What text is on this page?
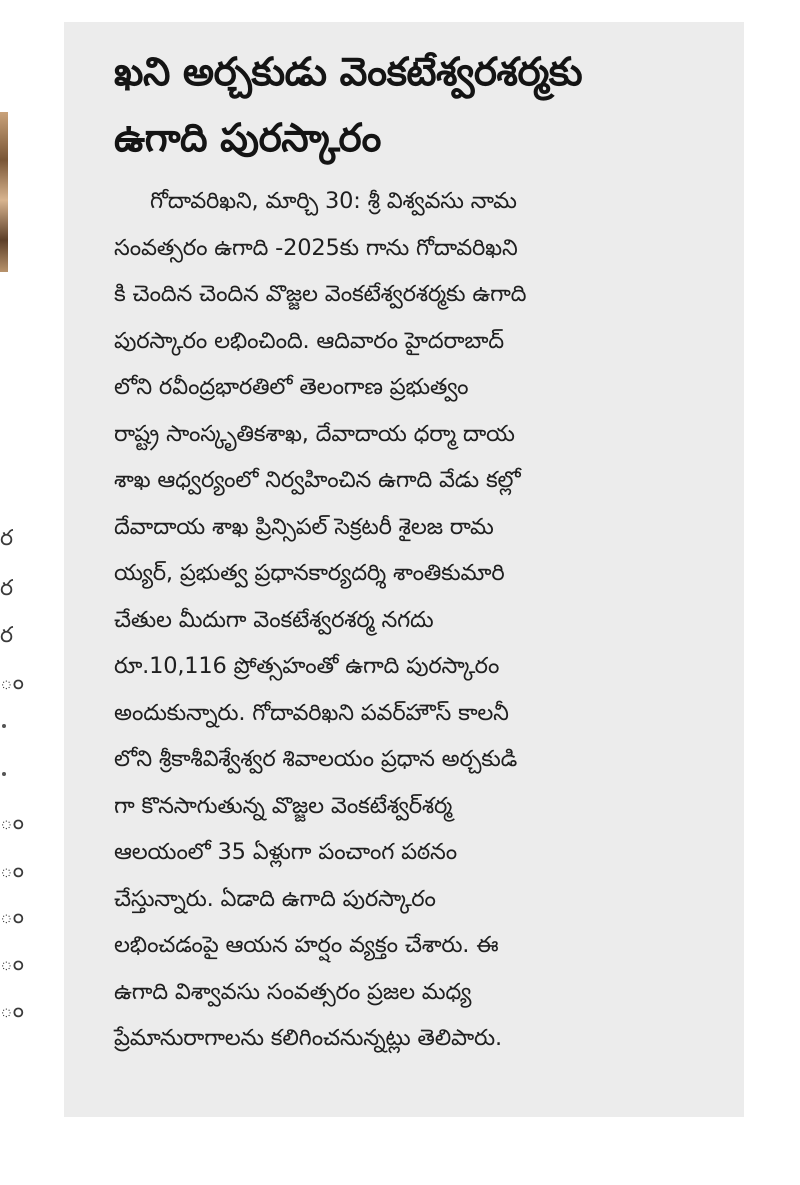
ర
ర
ర
ం
ం
ం
ం
ం
ం
ఖని అర్చకుడు వెంకటేశ్వరశర్మకు
ఉగాది పురస్కారం
గోదావరిఖని, మార్చి 30: శ్రీ విశ్వవసు నామ
సంవత్సరం ఉగాది -2025కు గాను గోదావరిఖని
కి చెందిన చెందిన వొజ్జల వెంకటేశ్వరశర్మకు ఉగాది
పురస్కారం లభించింది. ఆదివారం హైదరాబాద్
లోని రవీంద్రభారతిలో తెలంగాణ ప్రభుత్వం
రాష్ట్ర సాంస్కృతికశాఖ, దేవాదాయ ధర్మా దాయ
శాఖ ఆధ్వర్యంలో నిర్వహించిన ఉగాది వేడు కల్లో
దేవాదాయ శాఖ ప్రిన్సిపల్ సెక్రటరీ శైలజ రామ
య్యర్, ప్రభుత్వ ప్రధానకార్యదర్శి శాంతికుమారి
చేతుల మీదుగా వెంకటేశ్వరశర్మ నగదు
రూ.10,116 ప్రోత్సహంతో ఉగాది పురస్కారం
అందుకున్నారు. గోదావరిఖని పవర్‌హౌస్ కాలనీ
లోని శ్రీకాశీవిశ్వేశ్వర శివాలయం ప్రధాన అర్చకుడి
గా కొనసాగుతున్న వొజ్జల వెంకటేశ్వర్‌శర్మ
ఆలయంలో 35 ఏళ్లుగా పంచాంగ పఠనం
చేస్తున్నారు. ఏడాది ఉగాది పురస్కారం
లభించడంపై ఆయన హర్షం వ్యక్తం చేశారు. ఈ
ఉగాది విశ్వావసు సంవత్సరం ప్రజల మధ్య
ప్రేమానురాగాలను కలిగించనున్నట్లు తెలిపారు.
